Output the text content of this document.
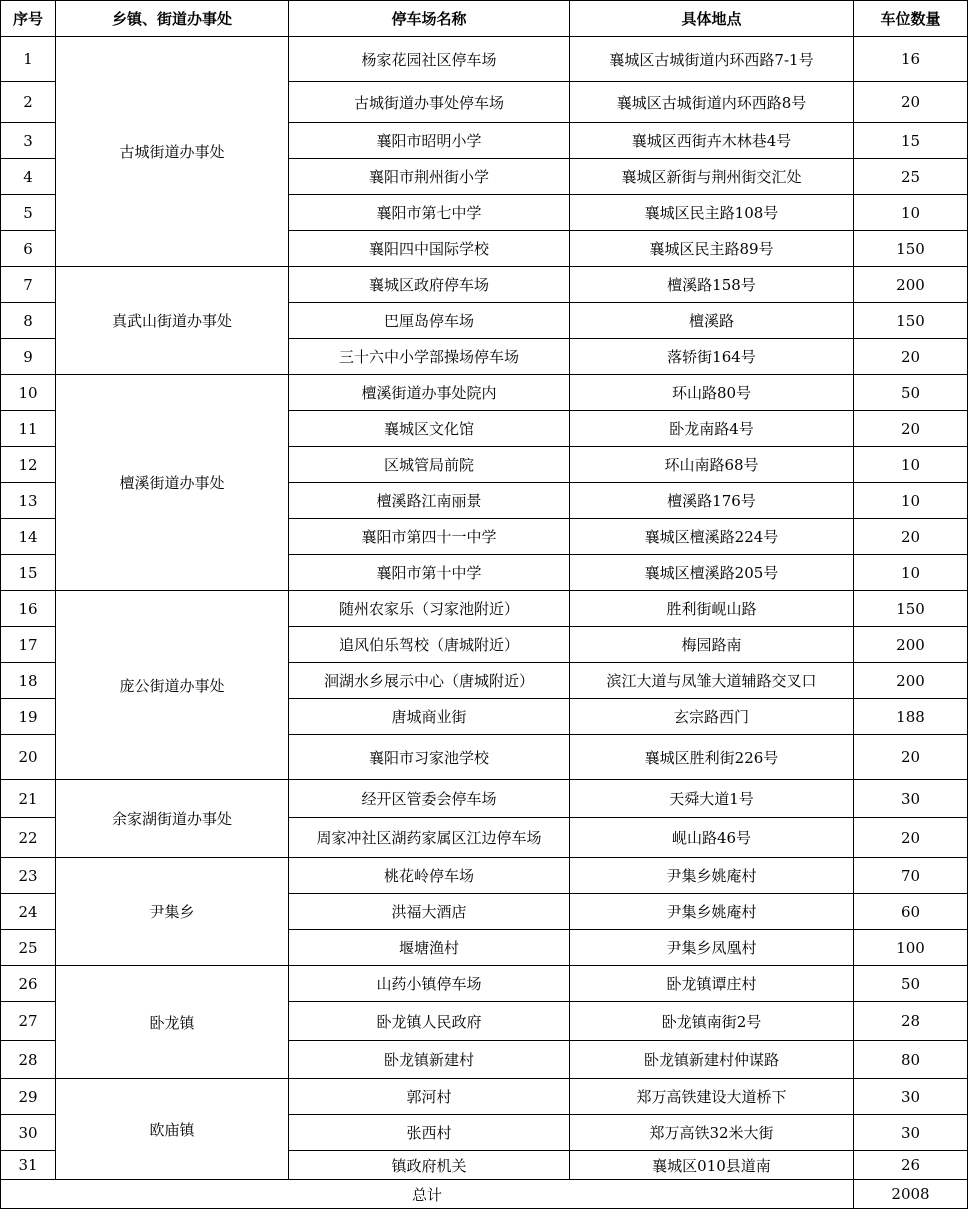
序号	乡镇、街道办事处	停车场名称	具体地点	车位数量
1	古城街道办事处	杨家花园社区停车场	襄城区古城街道内环西路7-1号	16
2		古城街道办事处停车场	襄城区古城街道内环西路8号	20
3		襄阳市昭明小学	襄城区西街卉木林巷4号	15
4		襄阳市荆州街小学	襄城区新街与荆州街交汇处	25
5		襄阳市第七中学	襄城区民主路108号	10
6		襄阳四中国际学校	襄城区民主路89号	150
7	真武山街道办事处	襄城区政府停车场	檀溪路158号	200
8		巴厘岛停车场	檀溪路	150
9		三十六中小学部操场停车场	落轿街164号	20
10	檀溪街道办事处	檀溪街道办事处院内	环山路80号	50
11		襄城区文化馆	卧龙南路4号	20
12		区城管局前院	环山南路68号	10
13		檀溪路江南丽景	檀溪路176号	10
14		襄阳市第四十一中学	襄城区檀溪路224号	20
15		襄阳市第十中学	襄城区檀溪路205号	10
16	庞公街道办事处	随州农家乐（习家池附近）	胜利街岘山路	150
17		追风伯乐驾校（唐城附近）	梅园路南	200
18		洄湖水乡展示中心（唐城附近）	滨江大道与凤雏大道辅路交叉口	200
19		唐城商业街	玄宗路西门	188
20		襄阳市习家池学校	襄城区胜利街226号	20
21	余家湖街道办事处	经开区管委会停车场	天舜大道1号	30
22		周家冲社区湖药家属区江边停车场	岘山路46号	20
23	尹集乡	桃花岭停车场	尹集乡姚庵村	70
24		洪福大酒店	尹集乡姚庵村	60
25		堰塘渔村	尹集乡凤凰村	100
26	卧龙镇	山药小镇停车场	卧龙镇谭庄村	50
27		卧龙镇人民政府	卧龙镇南街2号	28
28		卧龙镇新建村	卧龙镇新建村仲谋路	80
29	欧庙镇	郭河村	郑万高铁建设大道桥下	30
30		张西村	郑万高铁32米大街	30
31		镇政府机关	襄城区010县道南	26
总计				2008
